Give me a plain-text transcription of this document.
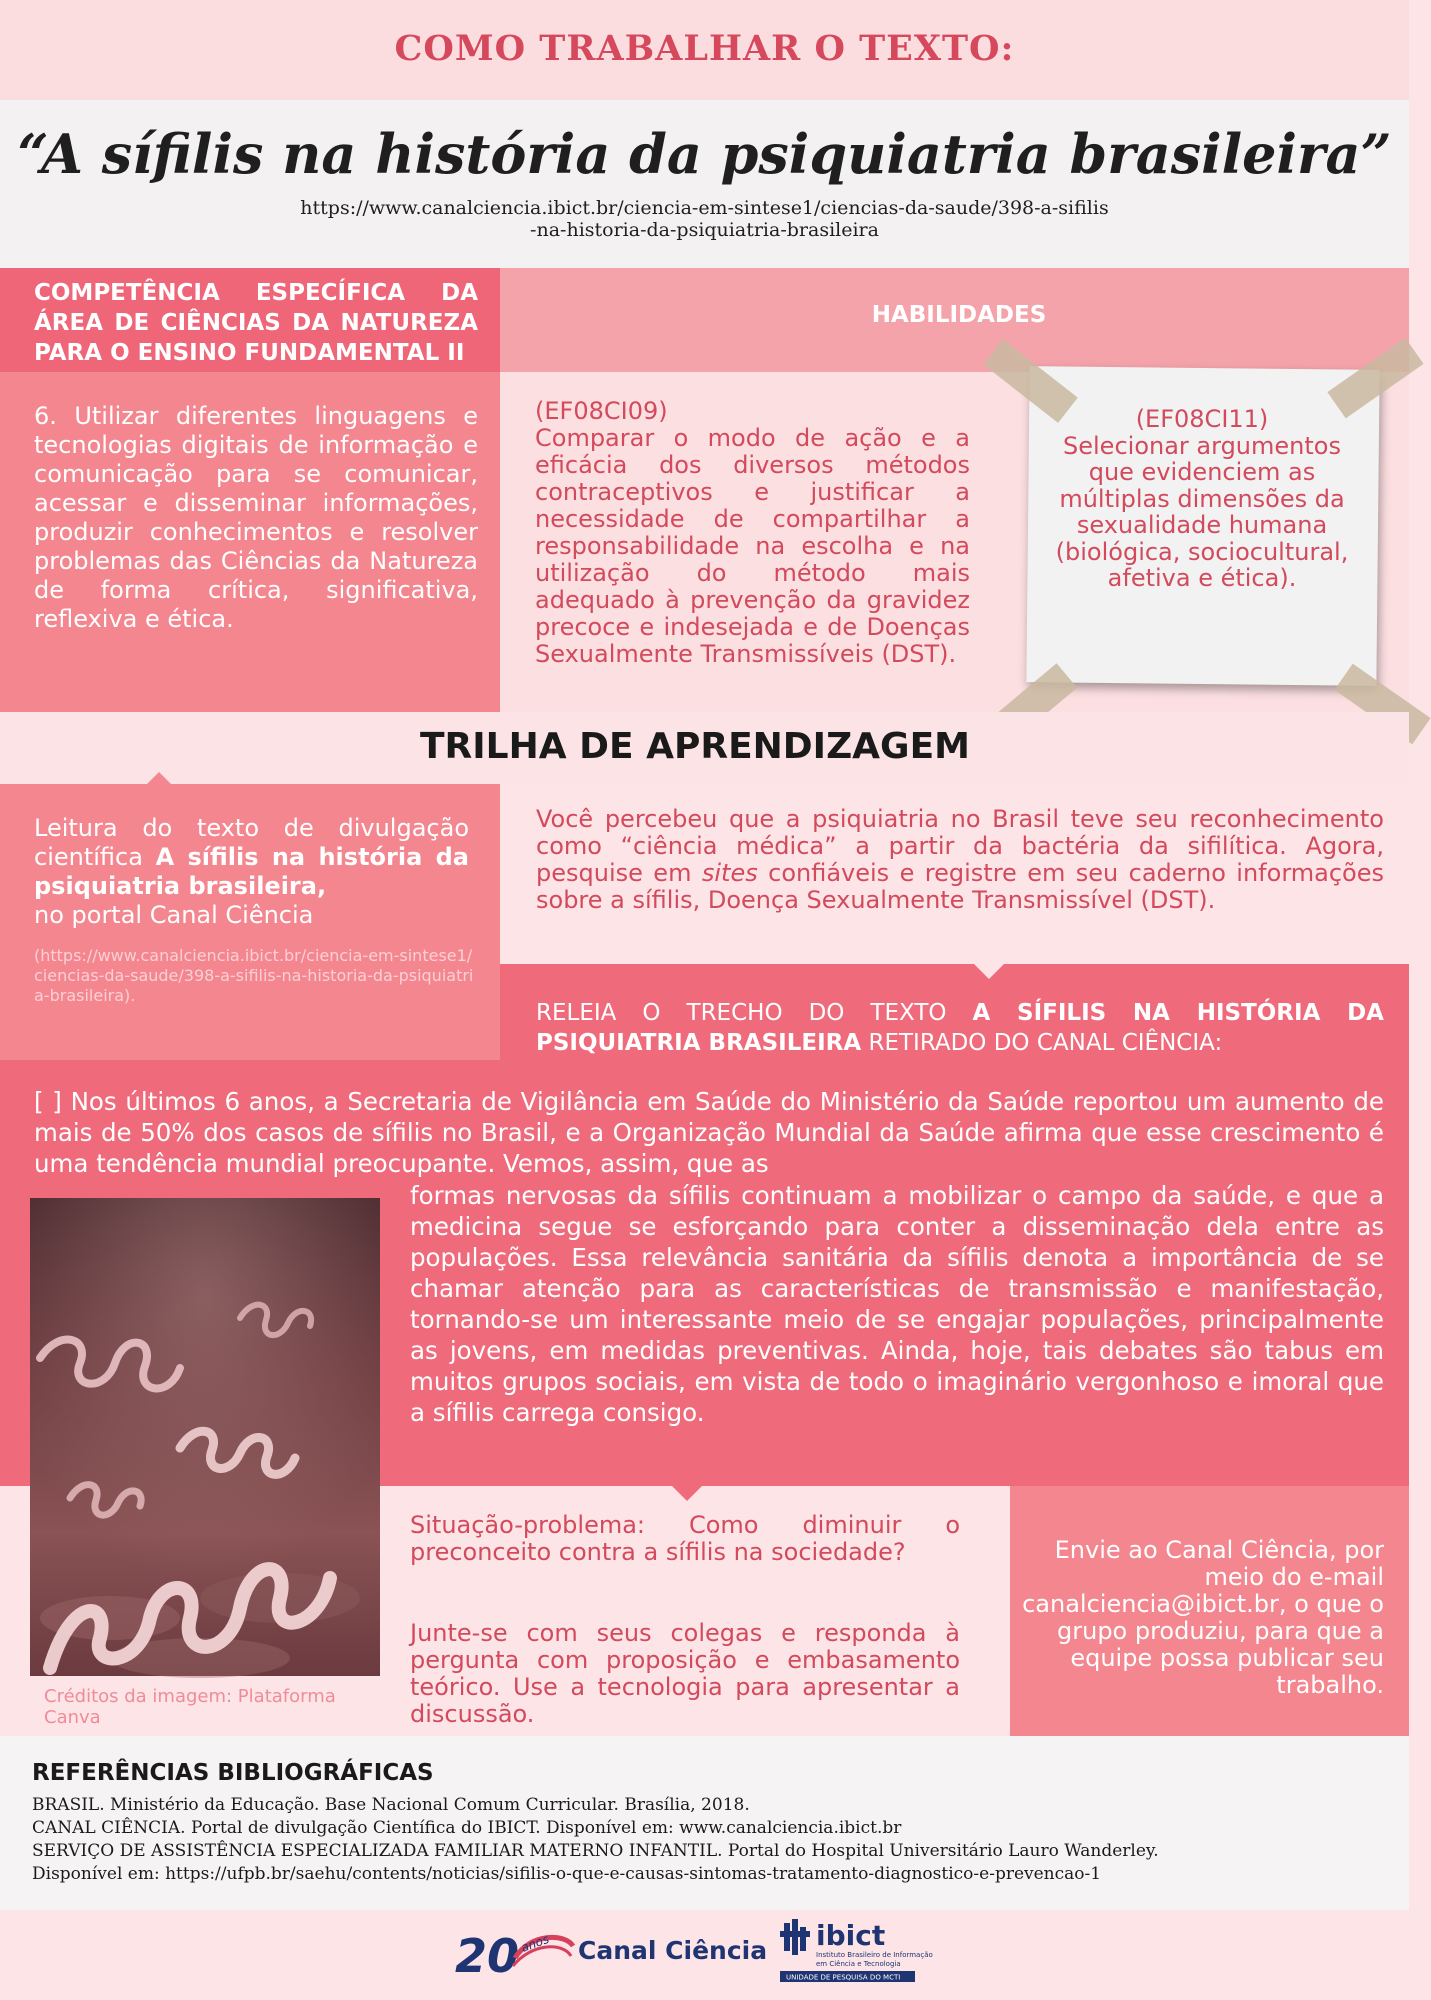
COMO TRABALHAR O TEXTO:
“A sífilis na história da psiquiatria brasileira”
https://www.canalciencia.ibict.br/ciencia-em-sintese1/ciencias-da-saude/398-a-sifilis-na-historia-da-psiquiatria-brasileira
COMPETÊNCIA ESPECÍFICA DA ÁREA DE CIÊNCIAS DA NATUREZA PARA O ENSINO FUNDAMENTAL II
6. Utilizar diferentes linguagens e tecnologias digitais de informação e comunicação para se comunicar, acessar e disseminar informações, produzir conhecimentos e resolver problemas das Ciências da Natureza de forma crítica, significativa, reflexiva e ética.
HABILIDADES
(EF08CI09)
Comparar o modo de ação e a eficácia dos diversos métodos contraceptivos e justificar a necessidade de compartilhar a responsabilidade na escolha e na utilização do método mais adequado à prevenção da gravidez precoce e indesejada e de Doenças Sexualmente Transmissíveis (DST).
(EF08CI11)
Selecionar argumentos que evidenciem as múltiplas dimensões da sexualidade humana (biológica, sociocultural, afetiva e ética).
TRILHA DE APRENDIZAGEM
Leitura do texto de divulgação científica A sífilis na história da psiquiatria brasileira,
no portal Canal Ciência
(https://www.canalciencia.ibict.br/ciencia-em-sintese1/ciencias-da-saude/398-a-sifilis-na-historia-da-psiquiatria-brasileira).
Você percebeu que a psiquiatria no Brasil teve seu reconhecimento como “ciência médica” a partir da bactéria da sifilítica. Agora, pesquise em sites confiáveis e registre em seu caderno informações sobre a sífilis, Doença Sexualmente Transmissível (DST).
RELEIA O TRECHO DO TEXTO A SÍFILIS NA HISTÓRIA DA PSIQUIATRIA BRASILEIRA RETIRADO DO CANAL CIÊNCIA:
[ ] Nos últimos 6 anos, a Secretaria de Vigilância em Saúde do Ministério da Saúde reportou um aumento de mais de 50% dos casos de sífilis no Brasil, e a Organização Mundial da Saúde afirma que esse crescimento é uma tendência mundial preocupante. Vemos, assim, que as
formas nervosas da sífilis continuam a mobilizar o campo da saúde, e que a medicina segue se esforçando para conter a disseminação dela entre as populações. Essa relevância sanitária da sífilis denota a importância de se chamar atenção para as características de transmissão e manifestação, tornando-se um interessante meio de se engajar populações, principalmente as jovens, em medidas preventivas. Ainda, hoje, tais debates são tabus em muitos grupos sociais, em vista de todo o imaginário vergonhoso e imoral que a sífilis carrega consigo.
Créditos da imagem: Plataforma Canva
Situação-problema: Como diminuir o preconceito contra a sífilis na sociedade?
Junte-se com seus colegas e responda à pergunta com proposição e embasamento teórico. Use a tecnologia para apresentar a discussão.
Envie ao Canal Ciência, por meio do e-mail canalciencia@ibict.br, o que o grupo produziu, para que a equipe possa publicar seu trabalho.
REFERÊNCIAS BIBLIOGRÁFICAS
BRASIL. Ministério da Educação. Base Nacional Comum Curricular. Brasília, 2018.
CANAL CIÊNCIA. Portal de divulgação Científica do IBICT. Disponível em: www.canalciencia.ibict.br
SERVIÇO DE ASSISTÊNCIA ESPECIALIZADA FAMILIAR MATERNO INFANTIL. Portal do Hospital Universitário Lauro Wanderley.
Disponível em: https://ufpb.br/saehu/contents/noticias/sifilis-o-que-e-causas-sintomas-tratamento-diagnostico-e-prevencao-1
20 anos Canal Ciência ibict
Instituto Brasileiro de Informação
em Ciência e Tecnologia
UNIDADE DE PESQUISA DO MCTI
